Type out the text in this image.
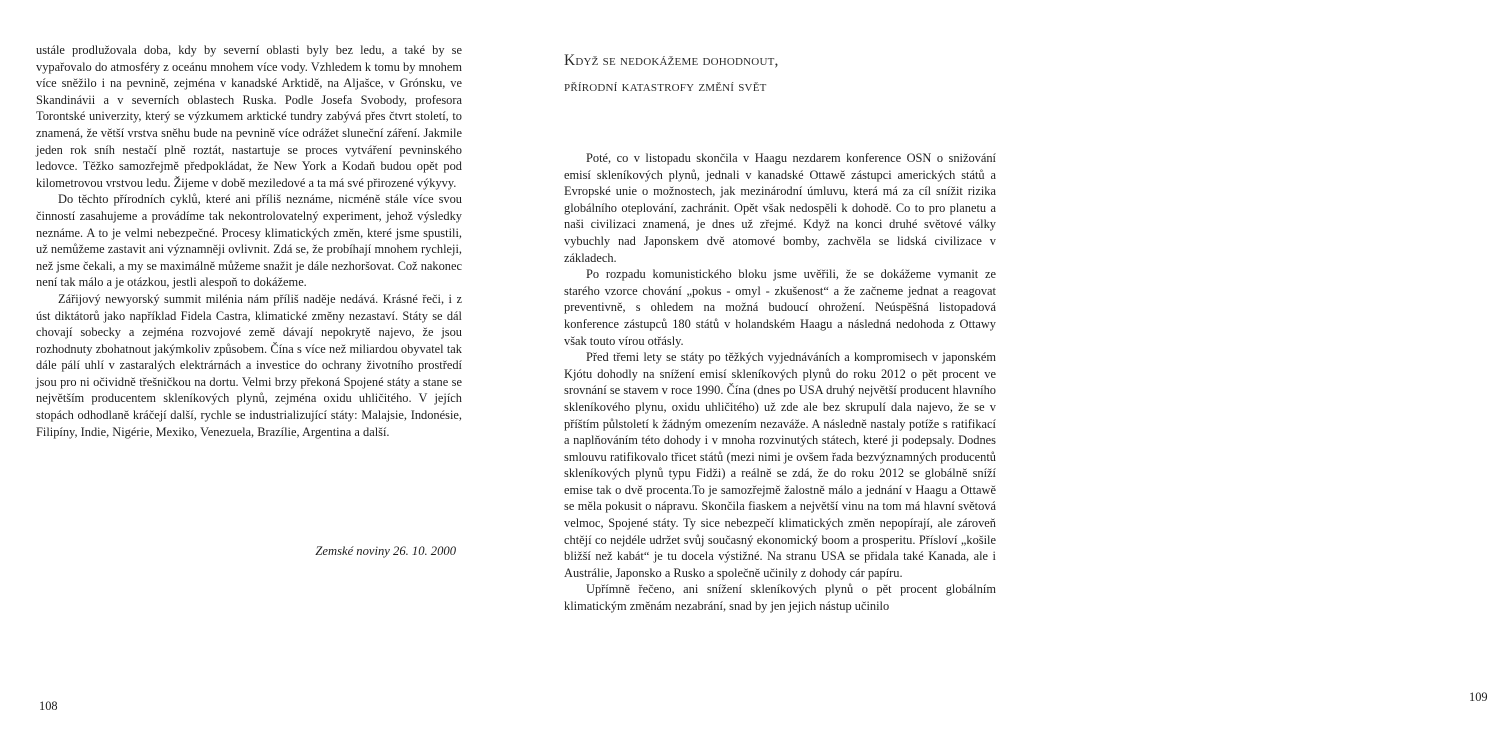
ustále prodlužovala doba, kdy by severní oblasti byly bez ledu, a také by se vypařovalo do atmosféry z oceánu mnohem více vody. Vzhledem k tomu by mnohem více sněžilo i na pevnině, zejména v kanadské Arktidě, na Aljašce, v Grónsku, ve Skandinávii a v severních oblastech Ruska. Podle Josefa Svobody, profesora Torontské univerzity, který se výzkumem arktické tundry zabývá přes čtvrt století, to znamená, že větší vrstva sněhu bude na pevnině více odrážet sluneční záření. Jakmile jeden rok sníh nestačí plně roztát, nastartuje se proces vytváření pevninského ledovce. Těžko samozřejmě předpokládat, že New York a Kodaň budou opět pod kilometrovou vrstvou ledu. Žijeme v době meziledové a ta má své přirozené výkyvy.

Do těchto přírodních cyklů, které ani příliš neznáme, nicméně stále více svou činností zasahujeme a provádíme tak nekontrolovatelný experiment, jehož výsledky neznáme. A to je velmi nebezpečné. Procesy klimatických změn, které jsme spustili, už nemůžeme zastavit ani významněji ovlivnit. Zdá se, že probíhají mnohem rychleji, než jsme čekali, a my se maximálně můžeme snažit je dále nezhoršovat. Což nakonec není tak málo a je otázkou, jestli alespoň to dokážeme.

Zářijový newyorský summit milénia nám příliš naděje nedává. Krásné řeči, i z úst diktátorů jako například Fidela Castra, klimatické změny nezastaví. Státy se dál chovají sobecky a zejména rozvojové země dávají nepokrytě najevo, že jsou rozhodnuty zbohatnout jakýmkoliv způsobem. Čína s více než miliardou obyvatel tak dále pálí uhlí v zastaralých elektrárnách a investice do ochrany životního prostředí jsou pro ni očividně třešničkou na dortu. Velmi brzy překoná Spojené státy a stane se největším producentem skleníkových plynů, zejména oxidu uhličitého. V jejích stopách odhodlaně kráčejí další, rychle se industrializující státy: Malajsie, Indonésie, Filipíny, Indie, Nigérie, Mexiko, Venezuela, Brazílie, Argentina a další.

Zemské noviny 26. 10. 2000
108
Když se nedokážeme dohodnout,
přírodní katastrofy změní svět

Poté, co v listopadu skončila v Haagu nezdarem konference OSN o snižování emisí skleníkových plynů, jednali v kanadské Ottawě zástupci amerických států a Evropské unie o možnostech, jak mezinárodní úmluvu, která má za cíl snížit rizika globálního oteplování, zachránit. Opět však nedospěli k dohodě. Co to pro planetu a naši civilizaci znamená, je dnes už zřejmé. Když na konci druhé světové války vybuchly nad Japonskem dvě atomové bomby, zachvěla se lidská civilizace v základech.

Po rozpadu komunistického bloku jsme uvěřili, že se dokážeme vymanit ze starého vzorce chování „pokus - omyl - zkušenost“ a že začneme jednat a reagovat preventivně, s ohledem na možná budoucí ohrožení. Neúspěšná listopadová konference zástupců 180 států v holandském Haagu a následná nedohoda z Ottawy však touto vírou otřásly.

Před třemi lety se státy po těžkých vyjednáváních a kompromisech v japonském Kjótu dohodly na snížení emisí skleníkových plynů do roku 2012 o pět procent ve srovnání se stavem v roce 1990. Čína (dnes po USA druhý největší producent hlavního skleníkového plynu, oxidu uhličitého) už zde ale bez skrupulí dala najevo, že se v příštím půlstoletí k žádným omezením nezaváže. A následně nastaly potíže s ratifikací a naplňováním této dohody i v mnoha rozvinutých státech, které ji podepsaly. Dodnes smlouvu ratifikovalo třicet států (mezi nimi je ovšem řada bezvýznamných producentů skleníkových plynů typu Fidži) a reálně se zdá, že do roku 2012 se globálně sníží emise tak o dvě procenta.To je samozřejmě žalostně málo a jednání v Haagu a Ottawě se měla pokusit o nápravu. Skončila fiaskem a největší vinu na tom má hlavní světová velmoc, Spojené státy. Ty sice nebezpečí klimatických změn nepopírají, ale zároveň chtějí co nejdéle udržet svůj současný ekonomický boom a prosperitu. Přísloví „košile bližší než kabát“ je tu docela výstižné. Na stranu USA se přidala také Kanada, ale i Austrálie, Japonsko a Rusko a společně učinily z dohody cár papíru.

Upřímně řečeno, ani snížení skleníkových plynů o pět procent globálním klimatickým změnám nezabrání, snad by jen jejich nástup učinilo

109
